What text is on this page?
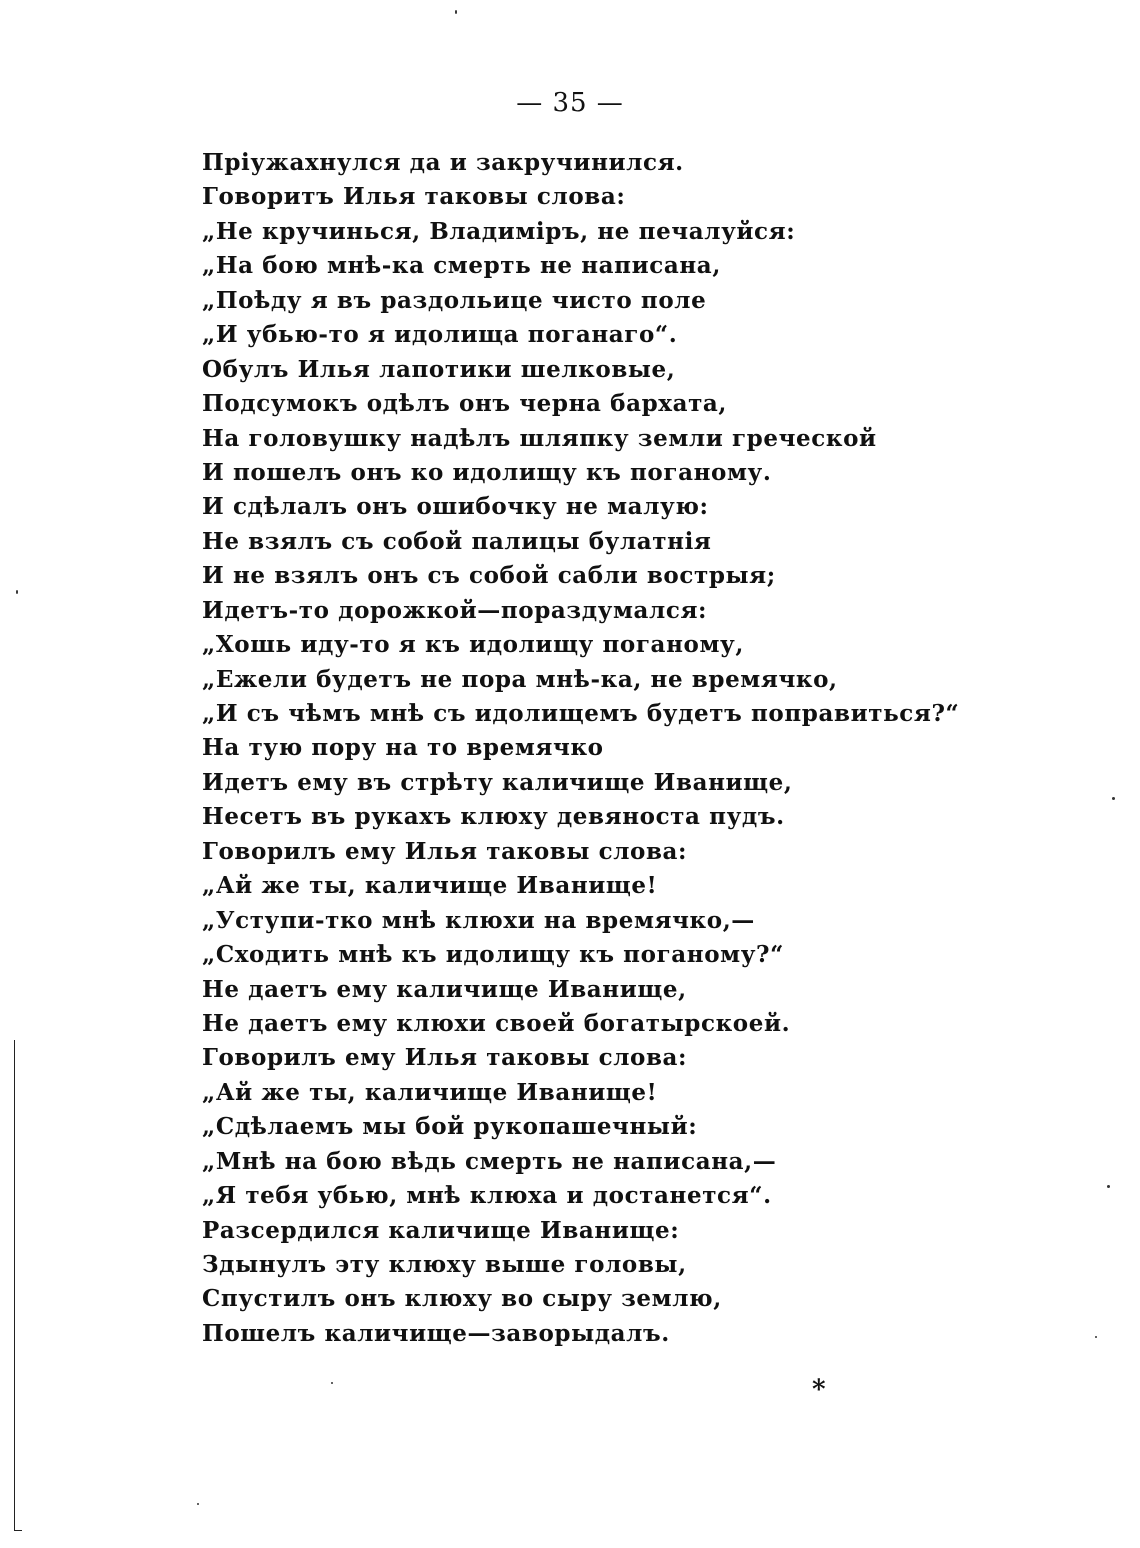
— 35 —
Пріужахнулся да и закручинился.
Говоритъ Илья таковы слова:
„Не кручинься, Владиміръ, не печалуйся:
„На бою мнѣ-ка смерть не написана,
„Поѣду я въ раздольице чисто поле
„И убью-то я идолища поганаго“.
Обулъ Илья лапотики шелковые,
Подсумокъ одѣлъ онъ черна бархата,
На головушку надѣлъ шляпку земли греческой
И пошелъ онъ ко идолищу къ поганому.
И сдѣлалъ онъ ошибочку не малую:
Не взялъ съ собой палицы булатнія
И не взялъ онъ съ собой сабли вострыя;
Идетъ-то дорожкой—пораздумался:
„Хошь иду-то я къ идолищу поганому,
„Ежели будетъ не пора мнѣ-ка, не времячко,
„И съ чѣмъ мнѣ съ идолищемъ будетъ поправиться?“
На тую пору на то времячко
Идетъ ему въ стрѣту каличище Иванище,
Несетъ въ рукахъ клюху девяноста пудъ.
Говорилъ ему Илья таковы слова:
„Ай же ты, каличище Иванище!
„Уступи-тко мнѣ клюхи на времячко,—
„Сходить мнѣ къ идолищу къ поганому?“
Не даетъ ему каличище Иванище,
Не даетъ ему клюхи своей богатырскоей.
Говорилъ ему Илья таковы слова:
„Ай же ты, каличище Иванище!
„Сдѣлаемъ мы бой рукопашечный:
„Мнѣ на бою вѣдь смерть не написана,—
„Я тебя убью, мнѣ клюха и достанется“.
Разсердился каличище Иванище:
Здынулъ эту клюху выше головы,
Спустилъ онъ клюху во сыру землю,
Пошелъ каличище—заворыдалъ.
*
